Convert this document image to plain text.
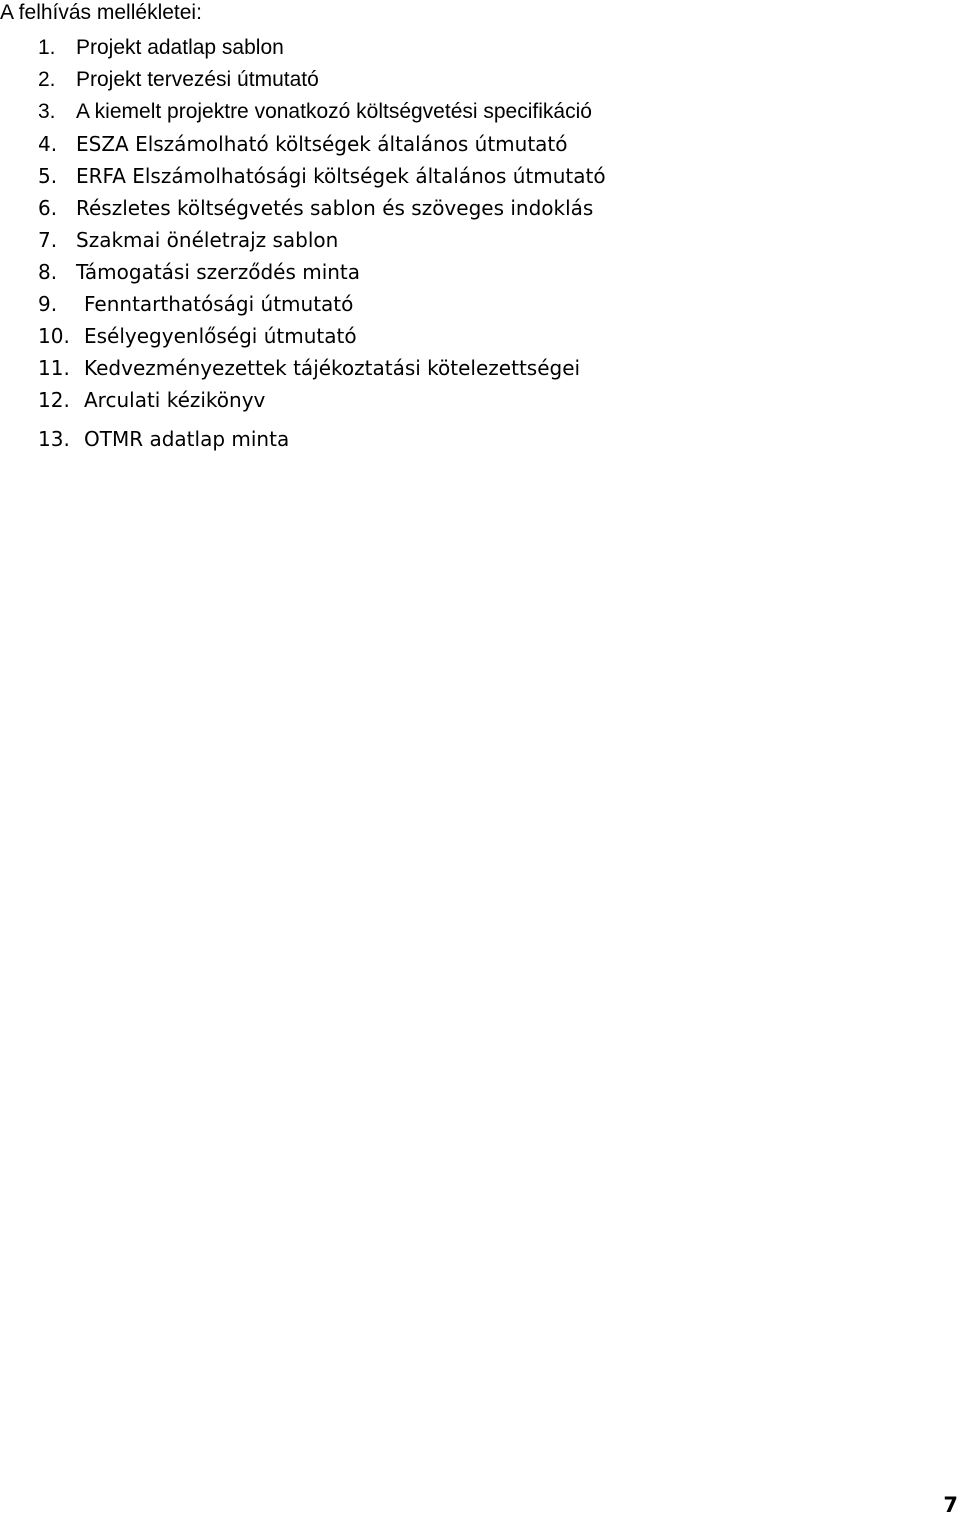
A felhívás mellékletei:
1. Projekt adatlap sablon
2. Projekt tervezési útmutató
3. A kiemelt projektre vonatkozó költségvetési specifikáció
4. ESZA Elszámolható költségek általános útmutató
5. ERFA Elszámolhatósági költségek általános útmutató
6. Részletes költségvetés sablon és szöveges indoklás
7. Szakmai önéletrajz sablon
8. Támogatási szerződés minta
9. Fenntarthatósági útmutató
10. Esélyegyenlőségi útmutató
11. Kedvezményezettek tájékoztatási kötelezettségei
12. Arculati kézikönyv
13. OTMR adatlap minta
7
